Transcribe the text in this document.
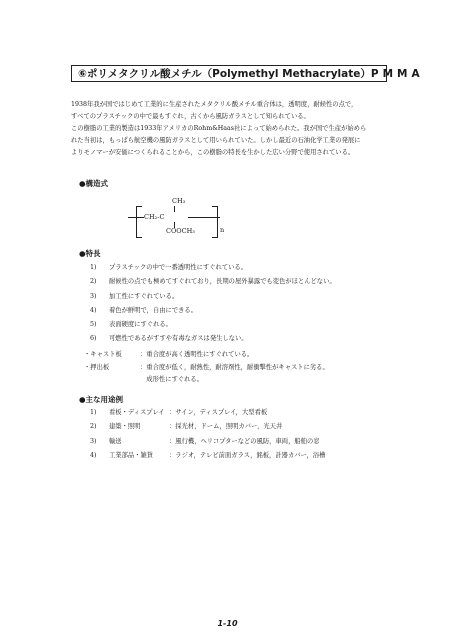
⑥ポリメタクリル酸メチル（Polymethyl Methacrylate） PMMA
1938年我が国ではじめて工業的に生産されたメタクリル酸メチル重合体は，透明度，耐候性の点で，
すべてのプラスチックの中で最もすぐれ，古くから風防ガラスとして知られている。
この樹脂の工業的製造は1933年アメリカのRohm&Haas社によって始められた。我が国で生産が始めら
れた当初は，もっぱら航空機の風防ガラスとして用いられていた。しかし最近の石油化学工業の発展に
よりモノマーが安価につくられることから，この樹脂の特長を生かした広い分野で使用されている。
●構造式
CH₃
CH₂-C
COOCH₃	n
●特長
1)	プラスチックの中で一番透明性にすぐれている。
2)	耐候性の点でも極めてすぐれており，長期の屋外暴露でも変色がほとんどない。
3)	加工性にすぐれている。
4)	着色が鮮明で，自由にできる。
5)	表面硬度にすぐれる。
6)	可燃性であるがすすや有毒なガスは発生しない。
・キャスト板	：重合度が高く透明性にすぐれている。
・押出板	：重合度が低く，耐熱性，耐溶剤性，耐衝撃性がキャストに劣る。
　成形性にすぐれる。
●主な用途例
1)	看板・ディスプレイ ：サイン，ディスプレイ，大型看板
2)	建築・照明	：採光材，ドーム，照明カバー，光天井
3)	輸送	：風行機，ヘリコプターなどの風防，車両，船舶の窓
4)	工業部品・雑貨	：ラジオ，テレビ前面ガラス，銘板，計器カバー，浴槽
1-10
